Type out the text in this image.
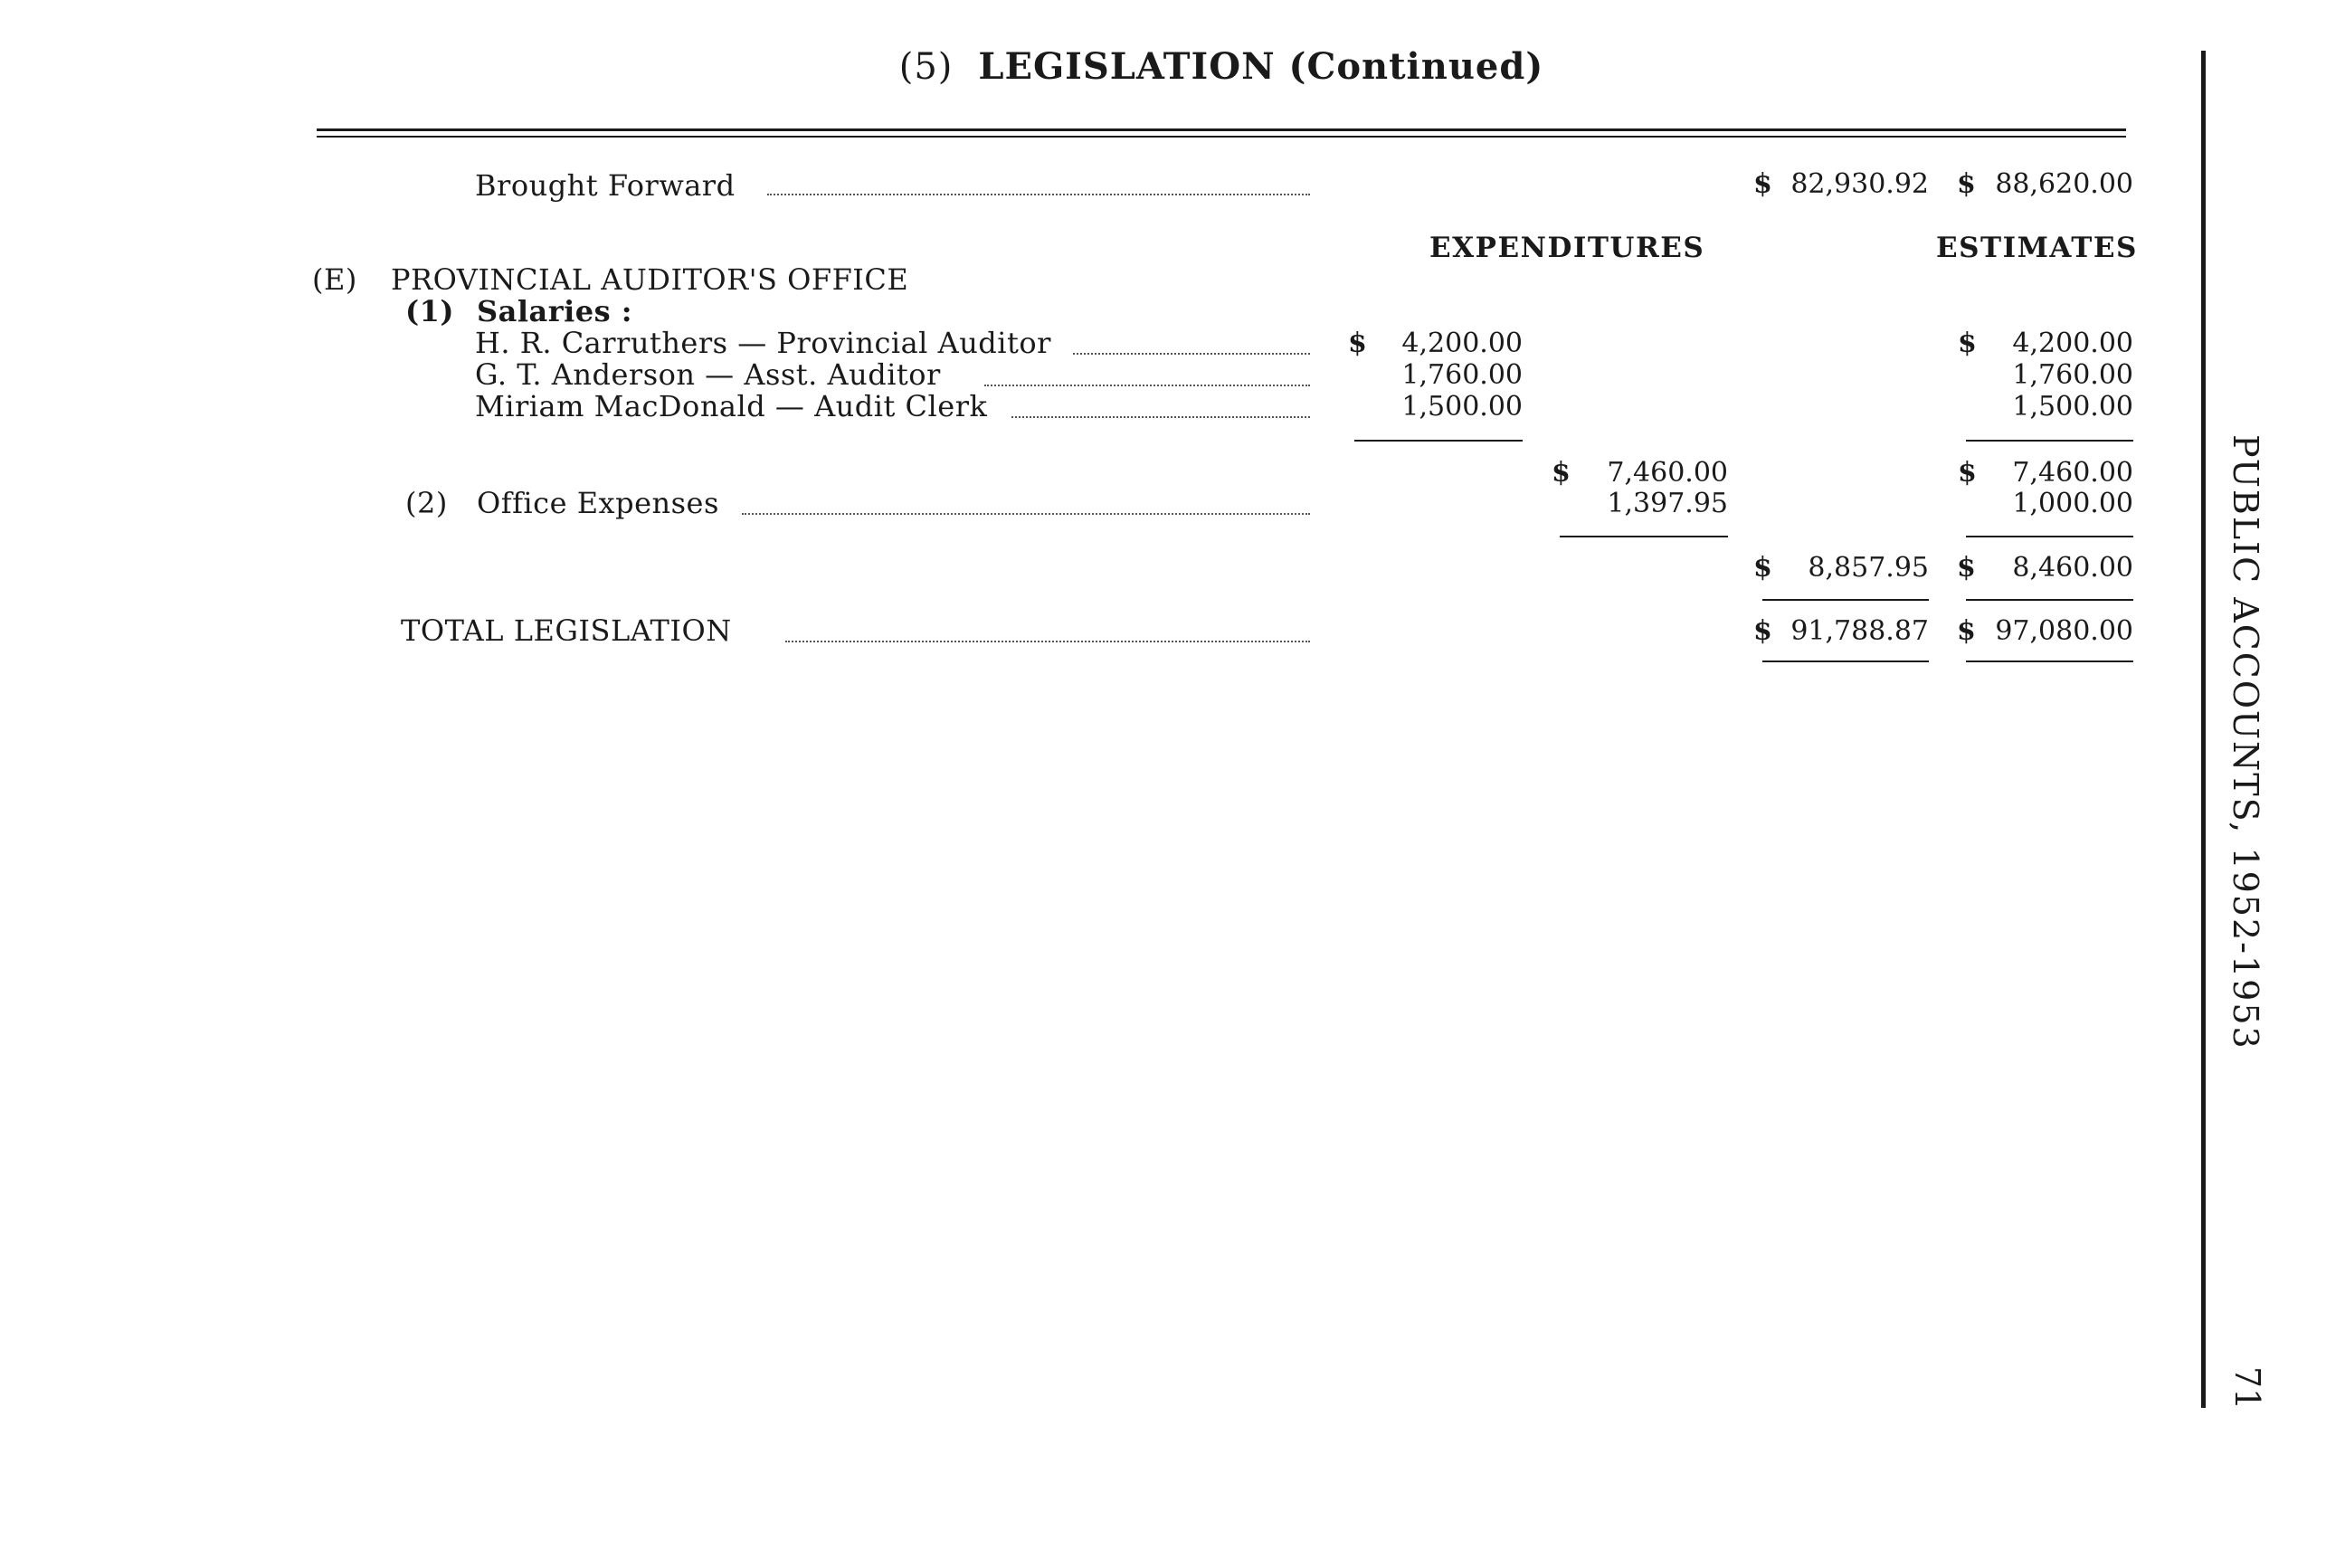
(5) LEGISLATION (Continued)
Brought Forward	$ 82,930.92 $ 88,620.00
EXPENDITURES	ESTIMATES
(E) PROVINCIAL AUDITOR'S OFFICE
(1) Salaries :
H. R. Carruthers — Provincial Auditor	$	4,200.00	$	4,200.00
G. T. Anderson — Asst. Auditor	1,760.00	1,760.00
Miriam MacDonald — Audit Clerk	1,500.00	1,500.00
$	7,460.00	$	7,460.00
(2) Office Expenses	1,397.95	1,000.00
$	8,857.95 $	8,460.00
TOTAL LEGISLATION	$ 91,788.87 $ 97,080.00	PUBLIC ACCOUNTS, 1952-1953
71
